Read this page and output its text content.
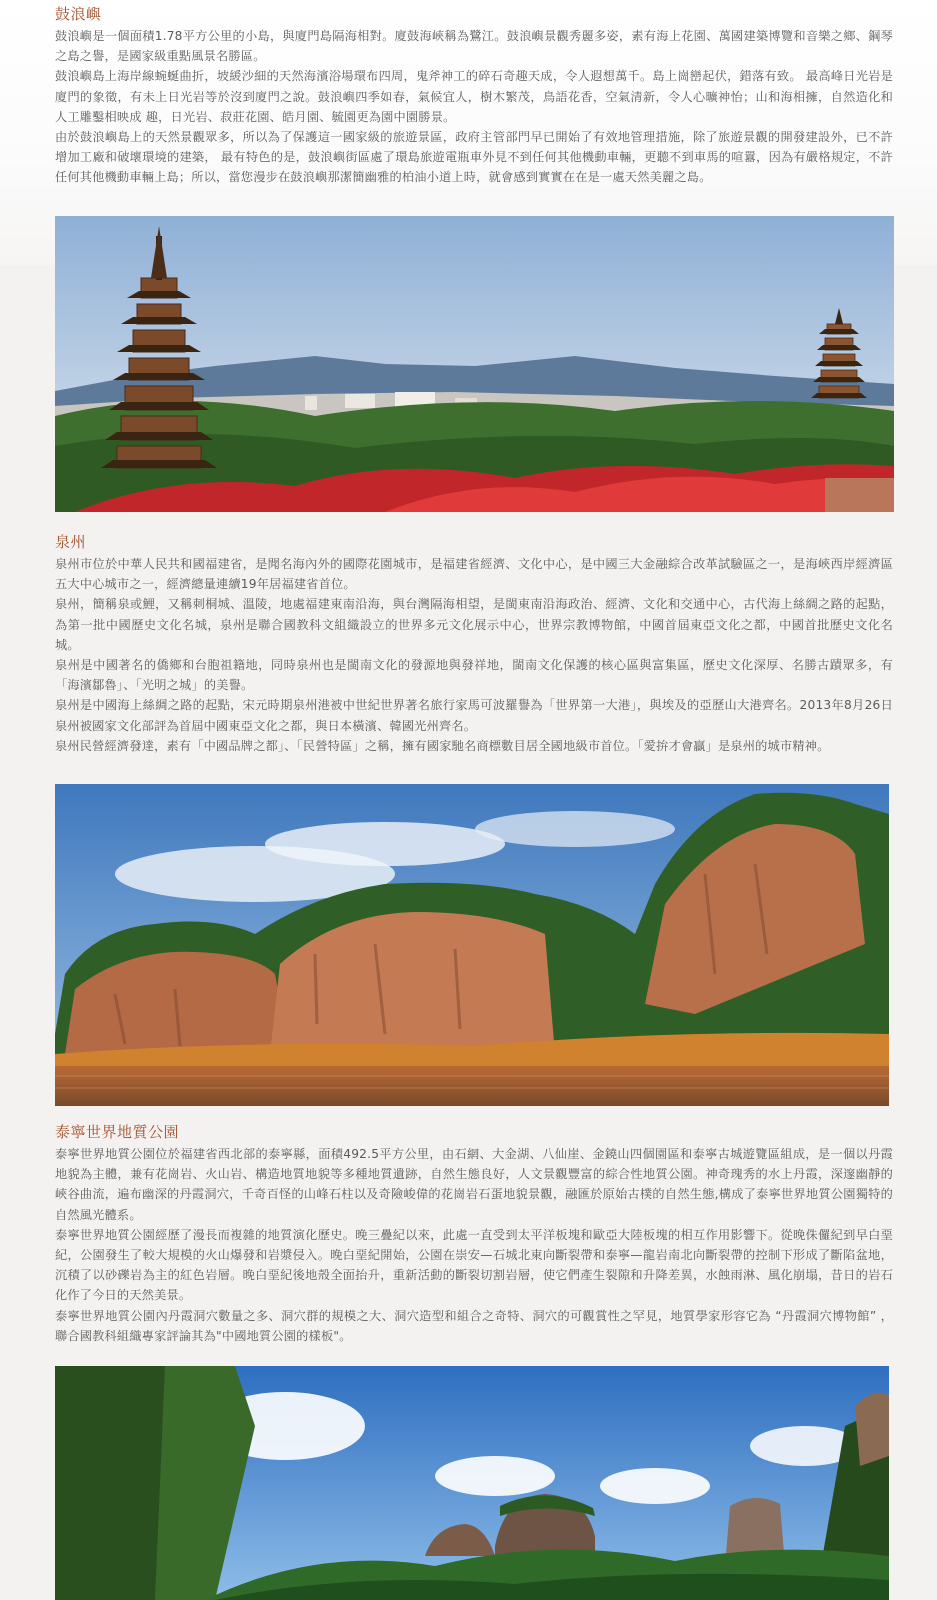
鼓浪嶼

鼓浪嶼是一個面積1.78平方公里的小島，與廈門島隔海相對。廈鼓海峽稱為鷺江。鼓浪嶼景觀秀麗多姿，素有海上花園、萬國建築博覽和音樂之鄉、鋼琴之島之譽，是國家級重點風景名勝區。

鼓浪嶼島上海岸線蜿蜒曲折，坡緩沙細的天然海濱浴場環布四周，鬼斧神工的碎石奇趣天成，令人遐想萬千。島上崗巒起伏，錯落有致。 最高峰日光岩是廈門的象徵，有未上日光岩等於沒到廈門之說。鼓浪嶼四季如春，氣候宜人，樹木繁茂，鳥語花香，空氣清新，令人心曠神怡；山和海相擁，自然造化和人工雕鑿相映成 趣，日光岩、菽莊花園、皓月園、毓園更為園中園勝景。

由於鼓浪嶼島上的天然景觀眾多，所以為了保護這一國家級的旅遊景區，政府主管部門早已開始了有效地管理措施，除了旅遊景觀的開發建設外，已不許增加工廠和破壞環境的建築， 最有特色的是，鼓浪嶼街區處了環島旅遊電瓶車外見不到任何其他機動車輛，更聽不到車馬的喧囂，因為有嚴格規定，不許任何其他機動車輛上島；所以，當您漫步在鼓浪嶼那潔簡幽雅的柏油小道上時，就會感到實實在在是一處天然美麗之島。

泉州

泉州市位於中華人民共和國福建省，是聞名海內外的國際花園城市，是福建省經濟、文化中心，是中國三大金融綜合改革試驗區之一，是海峽西岸經濟區五大中心城市之一，經濟總量連續19年居福建省首位。

泉州，簡稱泉或鯉，又稱刺桐城、溫陵，地處福建東南沿海，與台灣隔海相望，是閩東南沿海政治、經濟、文化和交通中心，古代海上絲綢之路的起點，為第一批中國歷史文化名城，泉州是聯合國教科文組織設立的世界多元文化展示中心，世界宗教博物館，中國首屆東亞文化之都，中國首批歷史文化名城。

泉州是中國著名的僑鄉和台胞祖籍地，同時泉州也是閩南文化的發源地與發祥地，閩南文化保護的核心區與富集區，歷史文化深厚、名勝古蹟眾多，有「海濱鄒魯」、「光明之城」的美譽。

泉州是中國海上絲綢之路的起點，宋元時期泉州港被中世紀世界著名旅行家馬可波羅譽為「世界第一大港」，與埃及的亞歷山大港齊名。2013年8月26日泉州被國家文化部評為首屆中國東亞文化之都，與日本橫濱、韓國光州齊名。

泉州民營經濟發達，素有「中國品牌之都」、「民營特區」之稱，擁有國家馳名商標數目居全國地級市首位。「愛拚才會贏」是泉州的城市精神。

泰寧世界地質公園

泰寧世界地質公園位於福建省西北部的泰寧縣，面積492.5平方公里，由石網、大金湖、八仙崖、金鐃山四個園區和泰寧古城遊覽區組成，是一個以丹霞地貌為主體，兼有花崗岩、火山岩、構造地質地貌等多種地質遺跡，自然生態良好，人文景觀豐富的綜合性地質公園。神奇瑰秀的水上丹霞，深邃幽靜的峽谷曲流，遍布幽深的丹霞洞穴，千奇百怪的山峰石柱以及奇險峻偉的花崗岩石蛋地貌景觀，融匯於原始古樸的自然生態,構成了泰寧世界地質公園獨特的自然風光體系。

泰寧世界地質公園經歷了漫長而複雜的地質演化歷史。晚三疊紀以來，此處一直受到太平洋板塊和歐亞大陸板塊的相互作用影響下。從晚侏儸紀到早白堊紀，公園發生了較大規模的火山爆發和岩漿侵入。晚白堊紀開始，公園在崇安—石城北東向斷裂帶和泰寧—龍岩南北向斷裂帶的控制下形成了斷陷盆地，沉積了以砂礫岩為主的紅色岩層。晚白堊紀後地殼全面抬升，重新活動的斷裂切割岩層，使它們產生裂隙和升降差異，水蝕雨淋、風化崩塌，昔日的岩石化作了今日的天然美景。

泰寧世界地質公園內丹霞洞穴數量之多、洞穴群的規模之大、洞穴造型和組合之奇特、洞穴的可觀賞性之罕見，地質學家形容它為 “丹霞洞穴博物館” ，聯合國教科組織專家評論其為"中國地質公園的樣板"。
